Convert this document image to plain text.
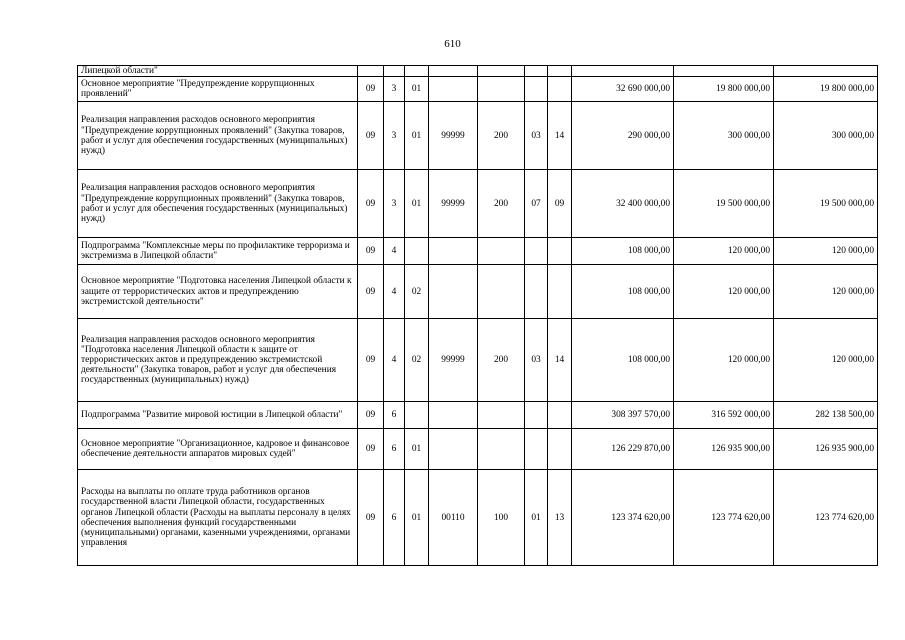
610
Липецкой области"										
Основное мероприятие "Предупреждение коррупционных проявлений"	09	3	01					32 690 000,00	19 800 000,00	19 800 000,00
Реализация направления расходов основного мероприятия "Предупреждение коррупционных проявлений" (Закупка товаров, работ и услуг для обеспечения государственных (муниципальных) нужд)	09	3	01	99999	200	03	14	290 000,00	300 000,00	300 000,00
Реализация направления расходов основного мероприятия "Предупреждение коррупционных проявлений" (Закупка товаров, работ и услуг для обеспечения государственных (муниципальных) нужд)	09	3	01	99999	200	07	09	32 400 000,00	19 500 000,00	19 500 000,00
Подпрограмма "Комплексные меры по профилактике терроризма и экстремизма в Липецкой области"	09	4						108 000,00	120 000,00	120 000,00
Основное мероприятие "Подготовка населения Липецкой области к защите от террористических актов и предупреждению экстремистской деятельности"	09	4	02					108 000,00	120 000,00	120 000,00
Реализация направления расходов основного мероприятия "Подготовка населения Липецкой области к защите от террористических актов и предупреждению экстремистской деятельности" (Закупка товаров, работ и услуг для обеспечения государственных (муниципальных) нужд)	09	4	02	99999	200	03	14	108 000,00	120 000,00	120 000,00
Подпрограмма "Развитие мировой юстиции в Липецкой области"	09	6						308 397 570,00	316 592 000,00	282 138 500,00
Основное мероприятие "Организационное, кадровое и финансовое обеспечение деятельности аппаратов мировых судей"	09	6	01					126 229 870,00	126 935 900,00	126 935 900,00
Расходы на выплаты по оплате труда работников органов государственной власти Липецкой области, государственных органов Липецкой области (Расходы на выплаты персоналу в целях обеспечения выполнения функций государственными (муниципальными) органами, казенными учреждениями, органами управления	09	6	01	00110	100	01	13	123 374 620,00	123 774 620,00	123 774 620,00
